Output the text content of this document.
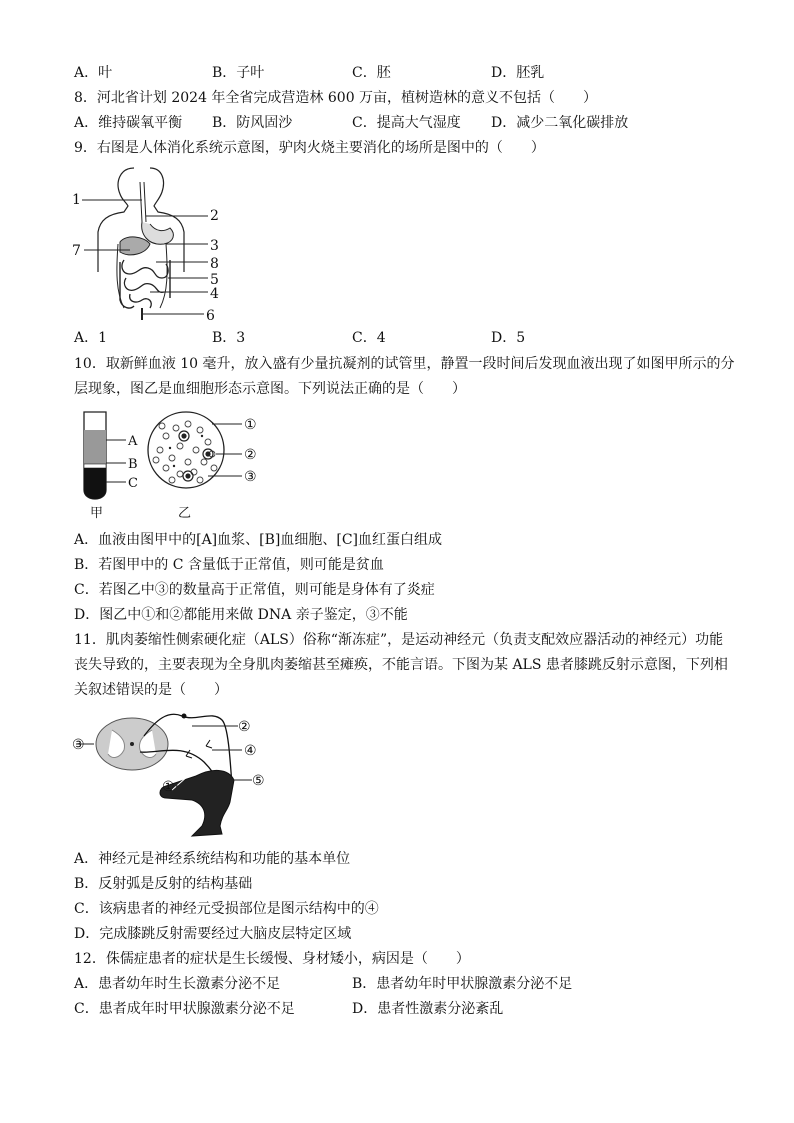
A．叶	B．子叶	C．胚	D．胚乳
8．河北省计划 2024 年全省完成营造林 600 万亩，植树造林的意义不包括（　　）
A．维持碳氧平衡 B．防风固沙	C．提高大气湿度 D．减少二氧化碳排放
9．右图是人体消化系统示意图，驴肉火烧主要消化的场所是图中的（　　）
1
2
3
8
5
4
6
7
A．1	B．3	C．4	D．5
10．取新鲜血液 10 毫升，放入盛有少量抗凝剂的试管里，静置一段时间后发现血液出现了如图甲所示的分
层现象，图乙是血细胞形态示意图。下列说法正确的是（　　）
A
B
C
甲
①
②
③
乙
A．血液由图甲中的[A]血浆、[B]血细胞、[C]血红蛋白组成
B．若图甲中的 C 含量低于正常值，则可能是贫血
C．若图乙中③的数量高于正常值，则可能是身体有了炎症
D．图乙中①和②都能用来做 DNA 亲子鉴定，③不能
11．肌肉萎缩性侧索硬化症（ALS）俗称“渐冻症”，是运动神经元（负责支配效应器活动的神经元）功能
丧失导致的，主要表现为全身肌肉萎缩甚至瘫痪，不能言语。下图为某 ALS 患者膝跳反射示意图，下列相
关叙述错误的是（　　）
②
③	④
①	⑤
A．神经元是神经系统结构和功能的基本单位
B．反射弧是反射的结构基础
C．该病患者的神经元受损部位是图示结构中的④
D．完成膝跳反射需要经过大脑皮层特定区域
12．侏儒症患者的症状是生长缓慢、身材矮小，病因是（　　）
A．患者幼年时生长激素分泌不足	B．患者幼年时甲状腺激素分泌不足
C．患者成年时甲状腺激素分泌不足	D．患者性激素分泌紊乱
